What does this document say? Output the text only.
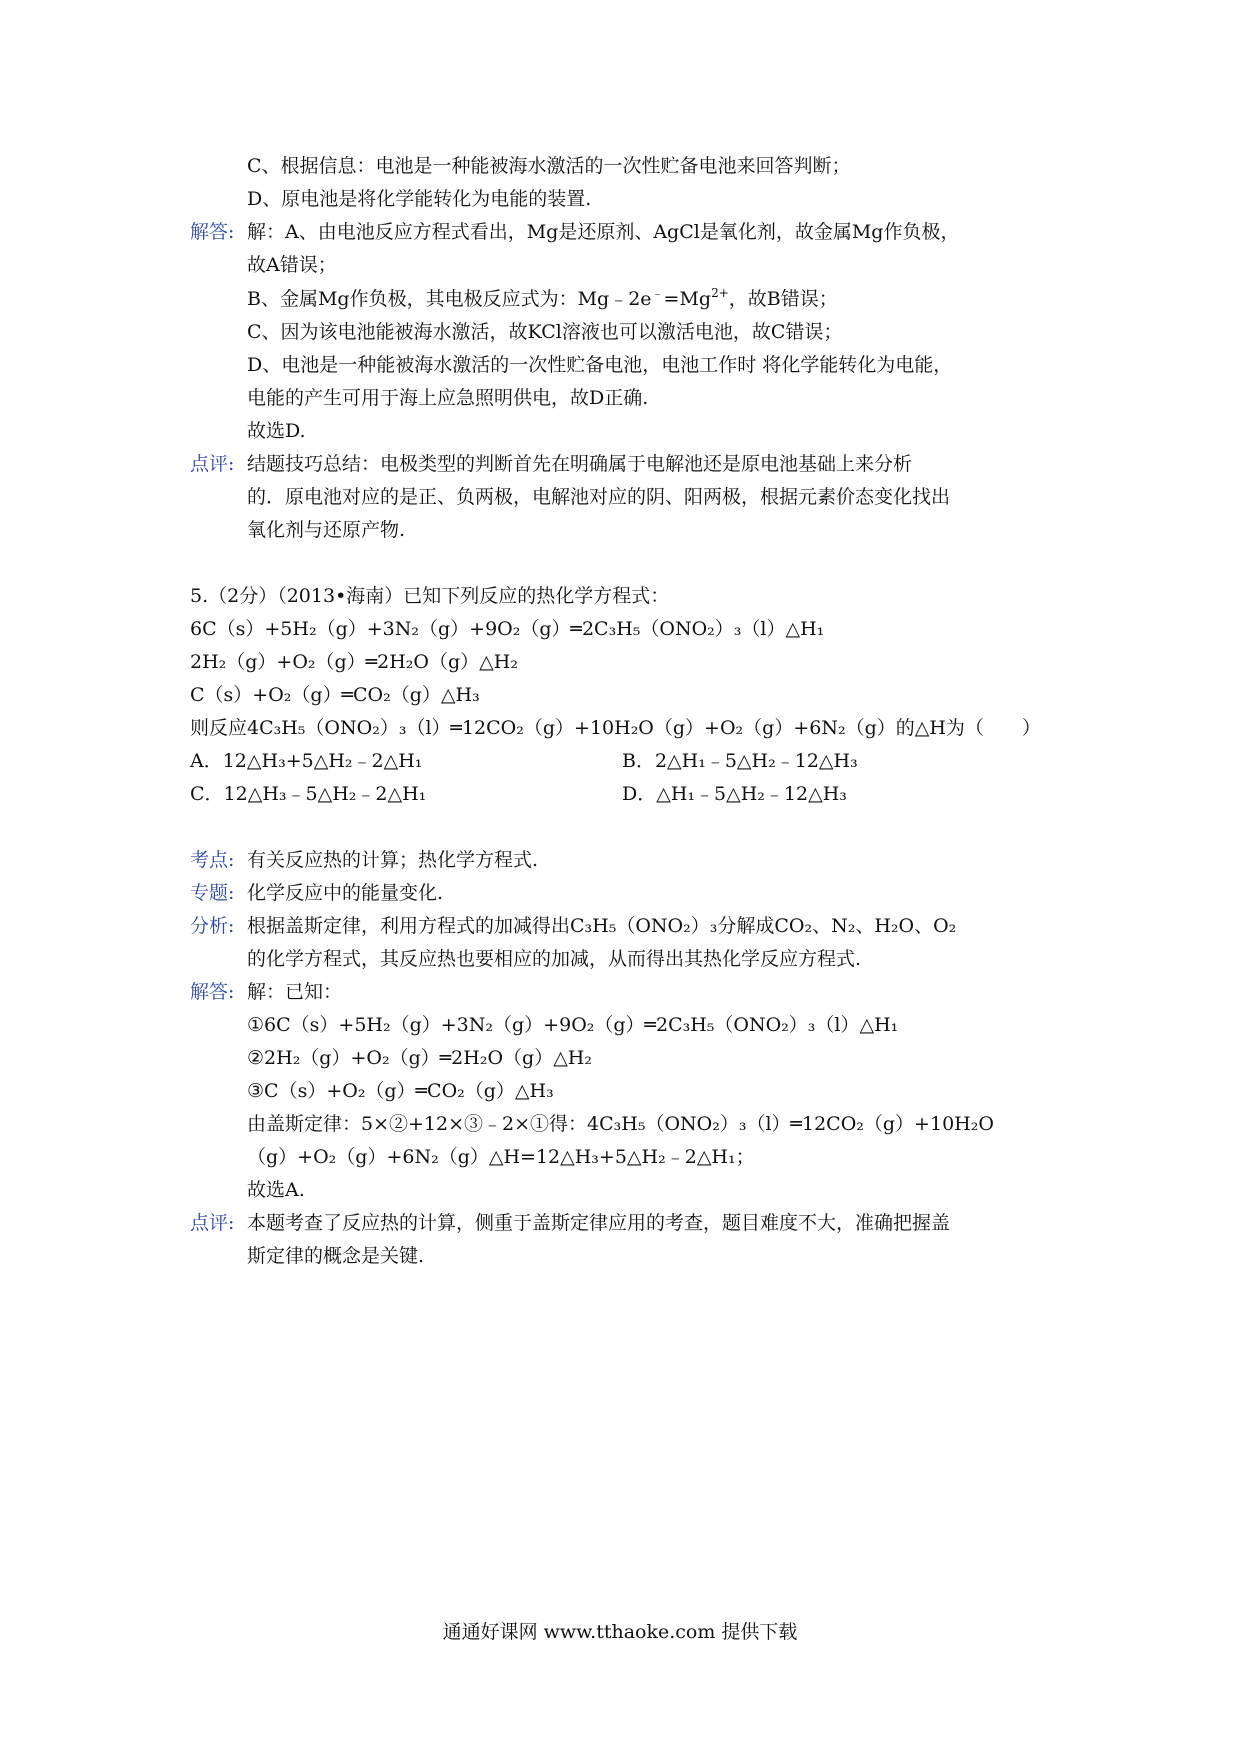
C、根据信息：电池是一种能被海水激活的一次性贮备电池来回答判断；
D、原电池是将化学能转化为电能的装置.
解答: 解：A、由电池反应方程式看出，Mg是还原剂、AgCl是氧化剂，故金属Mg作负极，
故A错误；
B、金属Mg作负极，其电极反应式为：$Mg﹣2e^﹣=Mg^{2+}$，故B错误；
C、因为该电池能被海水激活，故KCl溶液也可以激活电池，故C错误；
D、电池是一种能被海水激活的一次性贮备电池，电池工作时 将化学能转化为电能，
电能的产生可用于海上应急照明供电，故D正确.
故选D.
点评: 结题技巧总结：电极类型的判断首先在明确属于电解池还是原电池基础上来分析
的．原电池对应的是正、负两极，电解池对应的阴、阳两极，根据元素价态变化找出
氧化剂与还原产物.
5.（2分）（2013•海南）已知下列反应的热化学方程式：
6C（s）+5H₂（g）+3N₂（g）+9O₂（g）═2C₃H₅（ONO₂）₃（l）△H₁
2H₂（g）+O₂（g）═2H₂O（g）△H₂
C（s）+O₂（g）═CO₂（g）△H₃
则反应4C₃H₅（ONO₂）₃（l）═12CO₂（g）+10H₂O（g）+O₂（g）+6N₂（g）的△H为（　　）
A．12△H₃+5△H₂﹣2△H₁	B．2△H₁﹣5△H₂﹣12△H₃
C．12△H₃﹣5△H₂﹣2△H₁	D．△H₁﹣5△H₂﹣12△H₃
考点: 有关反应热的计算；热化学方程式.
专题: 化学反应中的能量变化.
分析: 根据盖斯定律，利用方程式的加减得出C₃H₅（ONO₂）₃分解成CO₂、N₂、H₂O、O₂
的化学方程式，其反应热也要相应的加减，从而得出其热化学反应方程式.
解答: 解：已知：
①6C（s）+5H₂（g）+3N₂（g）+9O₂（g）═2C₃H₅（ONO₂）₃（l）△H₁
②2H₂（g）+O₂（g）═2H₂O（g）△H₂
③C（s）+O₂（g）═CO₂（g）△H₃
由盖斯定律：5×②+12×③﹣2×①得：4C₃H₅（ONO₂）₃（l）═12CO₂（g）+10H₂O
（g）+O₂（g）+6N₂（g）△H=12△H₃+5△H₂﹣2△H₁；
故选A.
点评: 本题考查了反应热的计算，侧重于盖斯定律应用的考查，题目难度不大，准确把握盖
斯定律的概念是关键.
通通好课网 www.tthaoke.com 提供下载
